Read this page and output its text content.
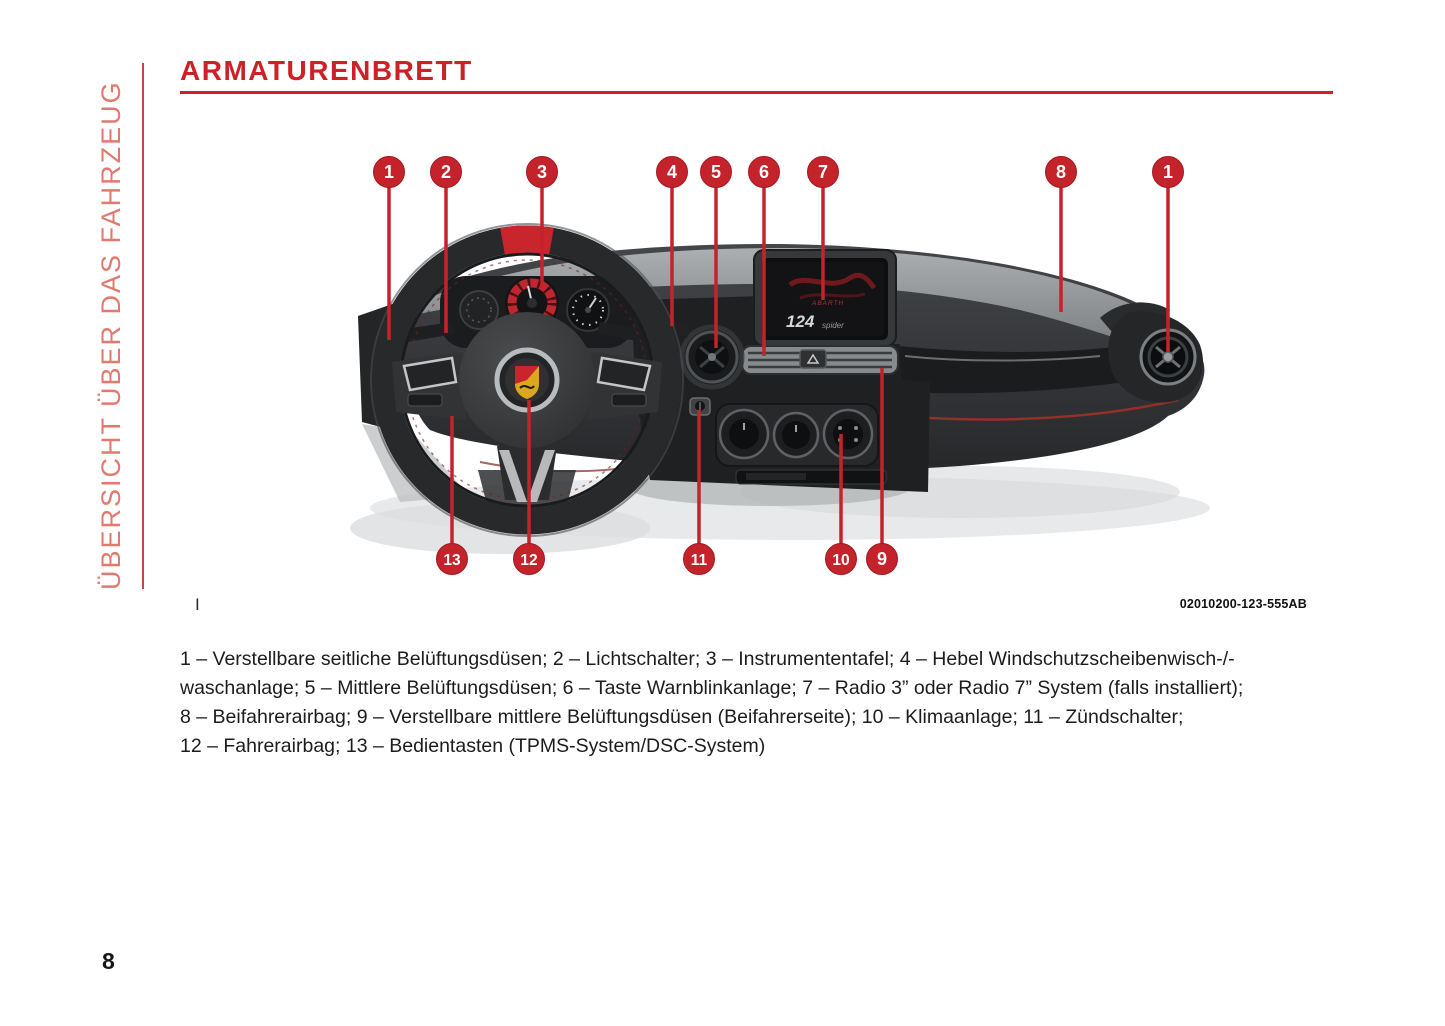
ÜBERSICHT ÜBER DAS FAHRZEUG
ARMATURENBRETT
ABARTH
124 spider
1	2	3	4 5 6	7	8	1
13	12	11	10 9
I	02010200-123-555AB
1 – Verstellbare seitliche Belüftungsdüsen; 2 – Lichtschalter; 3 – Instrumententafel; 4 – Hebel Windschutzscheibenwisch-/-
waschanlage; 5 – Mittlere Belüftungsdüsen; 6 – Taste Warnblinkanlage; 7 – Radio 3” oder Radio 7” System (falls installiert);
8 – Beifahrerairbag; 9 – Verstellbare mittlere Belüftungsdüsen (Beifahrerseite); 10 – Klimaanlage; 11 – Zündschalter;
12 – Fahrerairbag; 13 – Bedientasten (TPMS-System/DSC-System)
8
